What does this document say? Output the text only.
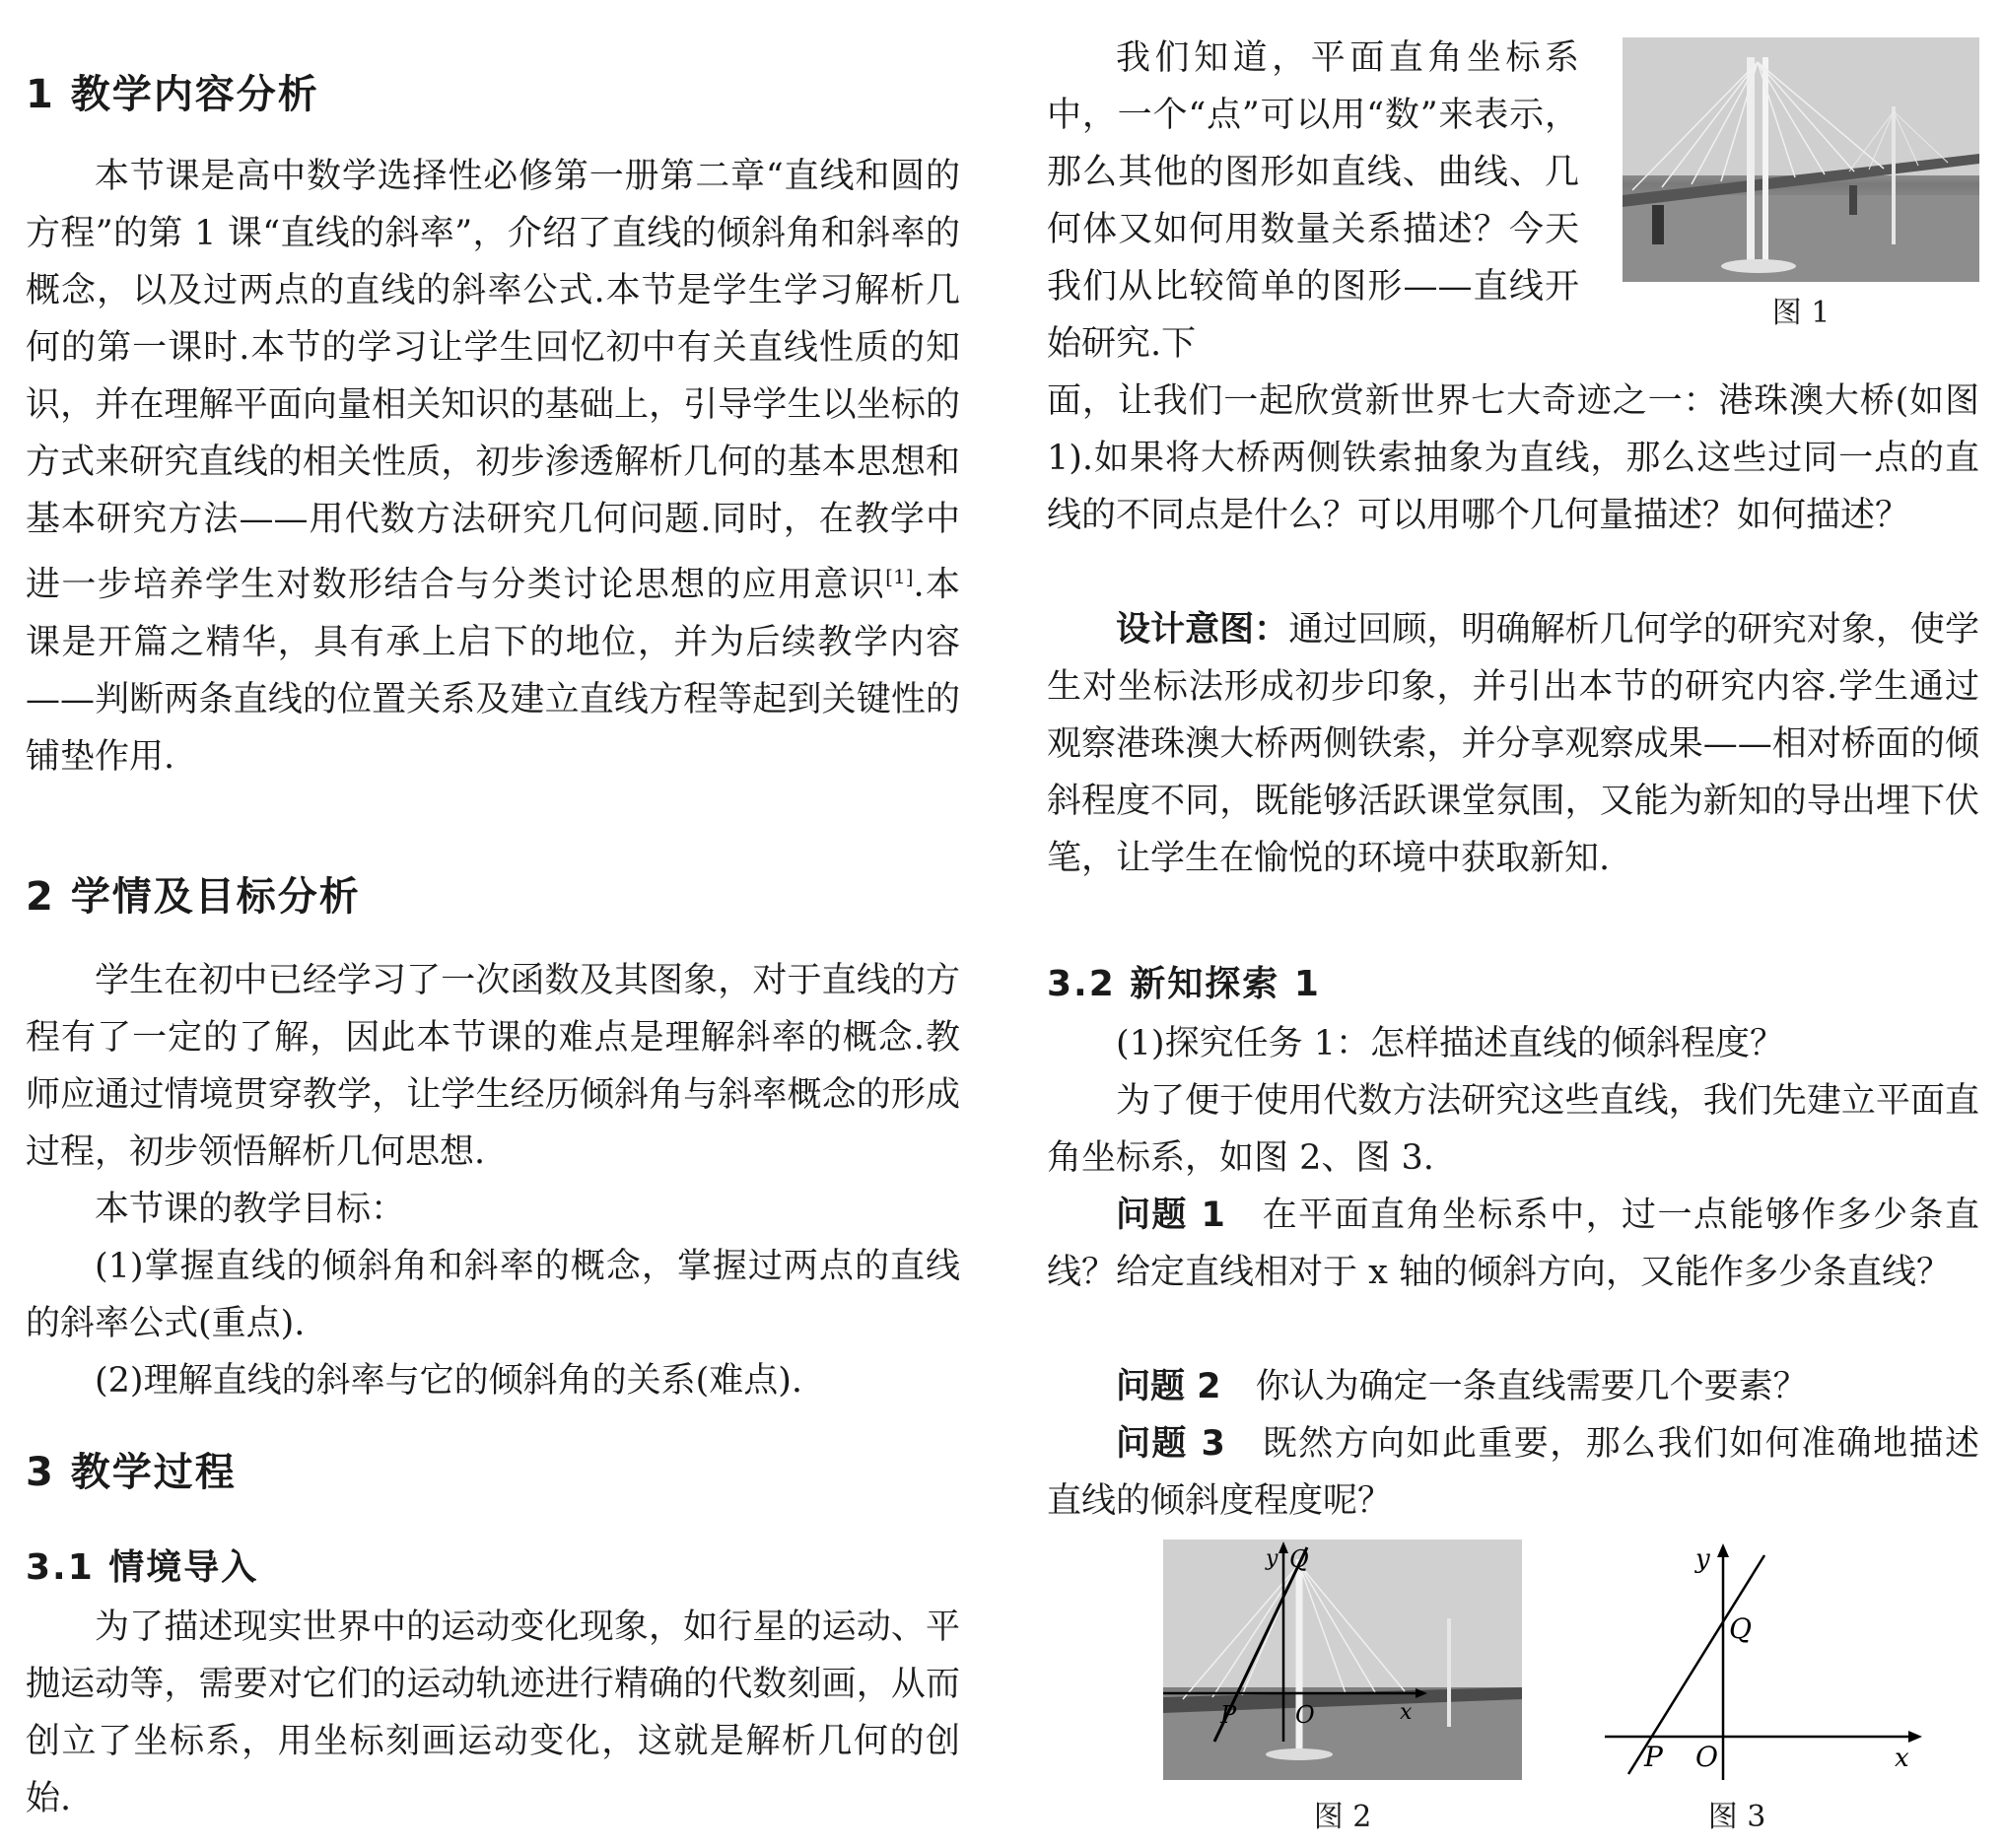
1 教学内容分析

本节课是高中数学选择性必修第一册第二章“直线和圆的方程”的第 1 课“直线的斜率”，介绍了直线的倾斜角和斜率的概念，以及过两点的直线的斜率公式.本节是学生学习解析几何的第一课时.本节的学习让学生回忆初中有关直线性质的知识，并在理解平面向量相关知识的基础上，引导学生以坐标的方式来研究直线的相关性质，初步渗透解析几何的基本思想和基本研究方法——用代数方法研究几何问题.同时，在教学中进一步培养学生对数形结合与分类讨论思想的应用意识[1].本课是开篇之精华，具有承上启下的地位，并为后续教学内容——判断两条直线的位置关系及建立直线方程等起到关键性的铺垫作用.

2 学情及目标分析

学生在初中已经学习了一次函数及其图象，对于直线的方程有了一定的了解，因此本节课的难点是理解斜率的概念.教师应通过情境贯穿教学，让学生经历倾斜角与斜率概念的形成过程，初步领悟解析几何思想.

本节课的教学目标：

(1)掌握直线的倾斜角和斜率的概念，掌握过两点的直线的斜率公式(重点).

(2)理解直线的斜率与它的倾斜角的关系(难点).

3 教学过程
3.1 情境导入

为了描述现实世界中的运动变化现象，如行星的运动、平抛运动等，需要对它们的运动轨迹进行精确的代数刻画，从而创立了坐标系，用坐标刻画运动变化，这就是解析几何的创始.

我们知道，平面直角坐标系中，一个“点”可以用“数”来表示，那么其他的图形如直线、曲线、几何体又如何用数量关系描述？今天我们从比较简单的图形——直线开始研究.下

图 1

面，让我们一起欣赏新世界七大奇迹之一：港珠澳大桥(如图 1).如果将大桥两侧铁索抽象为直线，那么这些过同一点的直线的不同点是什么？可以用哪个几何量描述？如何描述？

设计意图：通过回顾，明确解析几何学的研究对象，使学生对坐标法形成初步印象，并引出本节的研究内容.学生通过观察港珠澳大桥两侧铁索，并分享观察成果——相对桥面的倾斜程度不同，既能够活跃课堂氛围，又能为新知的导出埋下伏笔，让学生在愉悦的环境中获取新知.

3.2 新知探索 1

(1)探究任务 1：怎样描述直线的倾斜程度？

为了便于使用代数方法研究这些直线，我们先建立平面直角坐标系，如图 2、图 3.

问题 1　 在平面直角坐标系中，过一点能够作多少条直线？给定直线相对于 x 轴的倾斜方向，又能作多少条直线？

问题 2　 你认为确定一条直线需要几个要素？

问题 3　 既然方向如此重要，那么我们如何准确地描述直线的倾斜度程度呢？

Q
y
x
P O
图 2
y
x
Q
P O
图 3
